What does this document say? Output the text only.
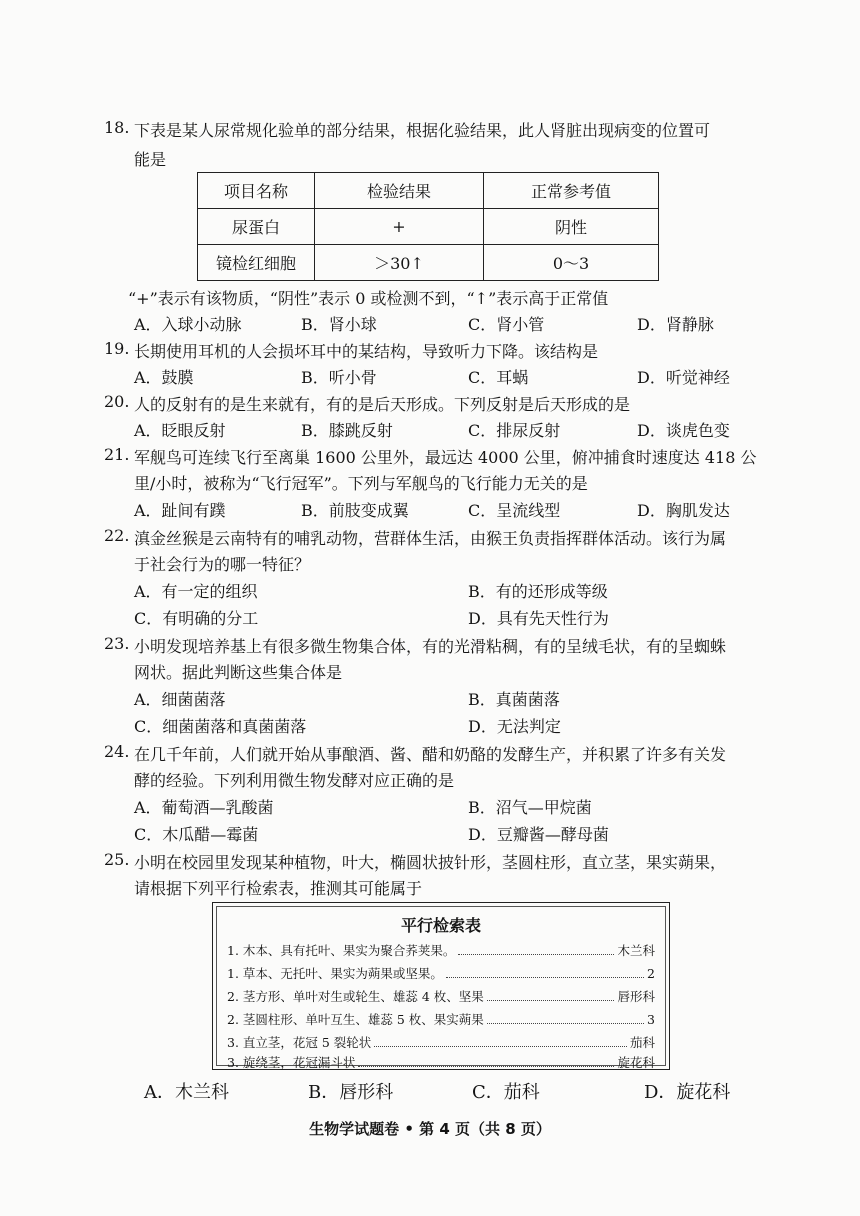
18. 下表是某人尿常规化验单的部分结果，根据化验结果，此人肾脏出现病变的位置可
能是
项目名称	检验结果	正常参考值
尿蛋白	+	阴性
镜检红细胞	＞30↑	0～3
“+”表示有该物质，“阴性”表示 0 或检测不到，“↑”表示高于正常值
A．入球小动脉	B．肾小球	C．肾小管	D．肾静脉
19. 长期使用耳机的人会损坏耳中的某结构，导致听力下降。该结构是
A．鼓膜	B．听小骨	C．耳蜗	D．听觉神经
20. 人的反射有的是生来就有，有的是后天形成。下列反射是后天形成的是
A．眨眼反射	B．膝跳反射	C．排尿反射	D．谈虎色变
21. 军舰鸟可连续飞行至离巢 1600 公里外，最远达 4000 公里，俯冲捕食时速度达 418 公
里/小时，被称为“飞行冠军”。下列与军舰鸟的飞行能力无关的是
A．趾间有蹼	B．前肢变成翼	C．呈流线型	D．胸肌发达
22. 滇金丝猴是云南特有的哺乳动物，营群体生活，由猴王负责指挥群体活动。该行为属
于社会行为的哪一特征？
A．有一定的组织	B．有的还形成等级
C．有明确的分工	D．具有先天性行为
23. 小明发现培养基上有很多微生物集合体，有的光滑粘稠，有的呈绒毛状，有的呈蜘蛛
网状。据此判断这些集合体是
A．细菌菌落	B．真菌菌落
C．细菌菌落和真菌菌落	D．无法判定
24. 在几千年前，人们就开始从事酿酒、酱、醋和奶酪的发酵生产，并积累了许多有关发
酵的经验。下列利用微生物发酵对应正确的是
A．葡萄酒—乳酸菌	B．沼气—甲烷菌
C．木瓜醋—霉菌	D．豆瓣酱—酵母菌
25. 小明在校园里发现某种植物，叶大，椭圆状披针形，茎圆柱形，直立茎，果实蒴果，
请根据下列平行检索表，推测其可能属于
平行检索表
1. 木本、具有托叶、果实为聚合荞荚果。	木兰科
1. 草本、无托叶、果实为蒴果或坚果。	2
2. 茎方形、单叶对生或轮生、雄蕊 4 枚、坚果	唇形科
2. 茎圆柱形、单叶互生、雄蕊 5 枚、果实蒴果	3
3. 直立茎，花冠 5 裂轮状	茄科
3. 旋绕茎，花冠漏斗状	旋花科
A．木兰科	B．唇形科	C．茄科	D．旋花科
生物学试题卷 • 第 4 页（共 8 页）
